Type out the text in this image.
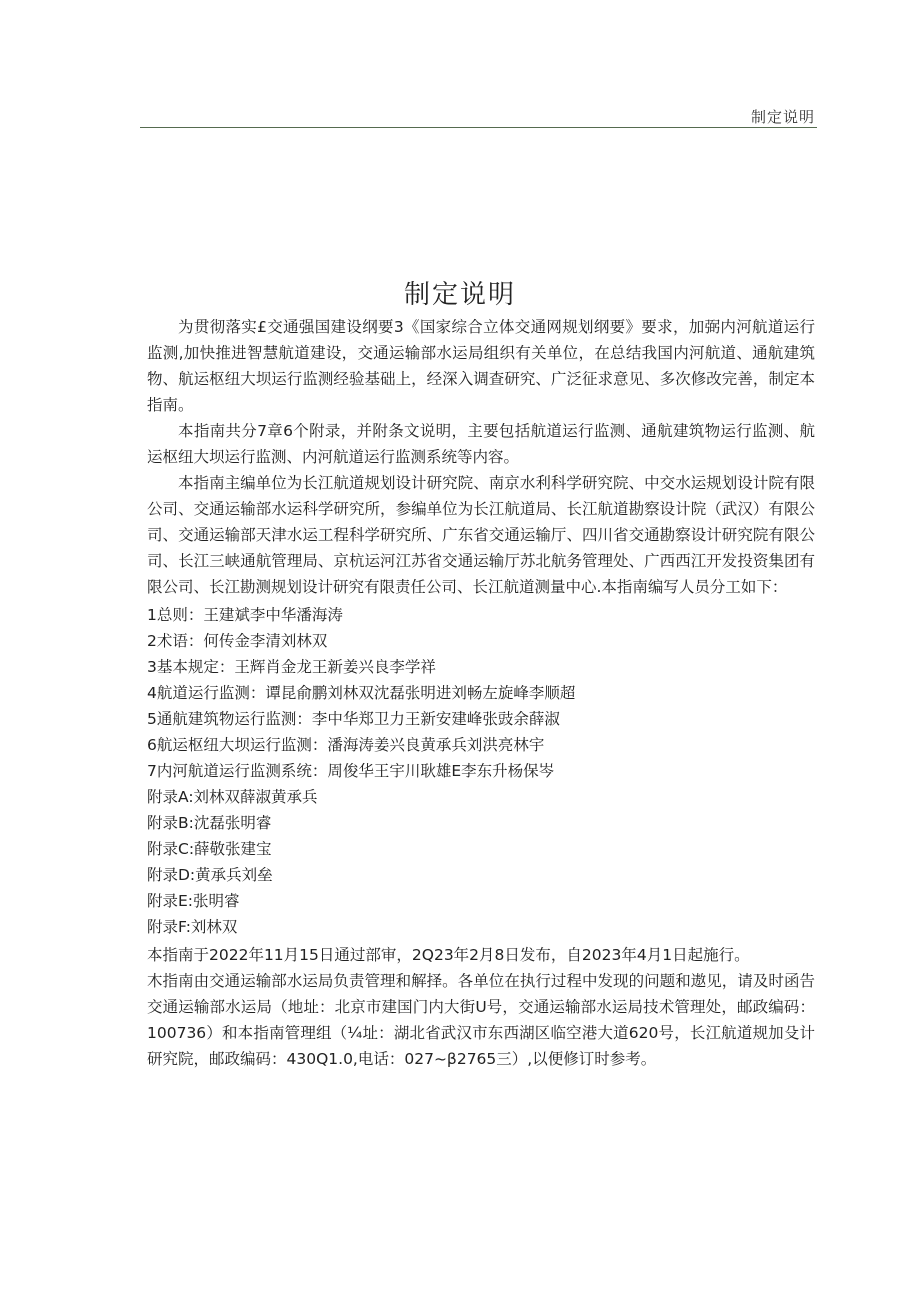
制定说明
制定说明

为贯彻落实£交通强国建设纲要3《国家综合立体交通网规划纲要》要求，加弼内河航道运行监测,加快推进智慧航道建设，交通运输部水运局组织有关单位，在总结我国内河航道、通航建筑物、航运枢纽大坝运行监测经验基础上，经深入调查研究、广泛征求意见、多次修改完善，制定本指南。

本指南共分7章6个附录，并附条文说明，主要包括航道运行监测、通航建筑物运行监测、航运枢纽大坝运行监测、内河航道运行监测系统等内容。

本指南主编单位为长江航道规划设计研究院、南京水利科学研究院、中交水运规划设计院有限公司、交通运输部水运科学研究所，参编单位为长江航道局、长江航道勘察设计院（武汉）有限公司、交通运输部天津水运工程科学研究所、广东省交通运输厅、四川省交通勘察设计研究院有限公司、长江三峡通航管理局、京杭运河江苏省交通运输厅苏北航务管理处、广西西江开发投资集团有限公司、长江勘测规划设计研究有限责任公司、长江航道测量中心.本指南编写人员分工如下：

1总则：王建斌李中华潘海涛

2术语：何传金李清刘林双

3基本规定：王辉肖金龙王新姜兴良李学祥

4航道运行监测：谭昆俞鹏刘林双沈磊张明进刘畅左旋峰李顺超

5通航建筑物运行监测：李中华郑卫力王新安建峰张豉余薛淑

6航运枢纽大坝运行监测：潘海涛姜兴良黄承兵刘洪亮林宇

7内河航道运行监测系统：周俊华王宇川耿雄E李东升杨保岑

附录A:刘林双薛淑黄承兵

附录B:沈磊张明睿

附录C:薛敬张建宝

附录D:黄承兵刘垒

附录E:张明睿

附录F:刘林双

本指南于2022年11月15日通过部审，2Q23年2月8日发布，自2023年4月1日起施行。

木指南由交通运输部水运局负责管理和解择。各单位在执行过程中发现的问题和遨见，请及时函告交通运输部水运局（地址：北京市建国门内大街U号，交通运输部水运局技术管理处，邮政编码：100736）和本指南管理组（¼址：湖北省武汉市东西湖区临空港大道620号，长江航道规加殳计研究院，邮政编码：430Q1.0,电话：027~β2765三）,以便修订时参考。
